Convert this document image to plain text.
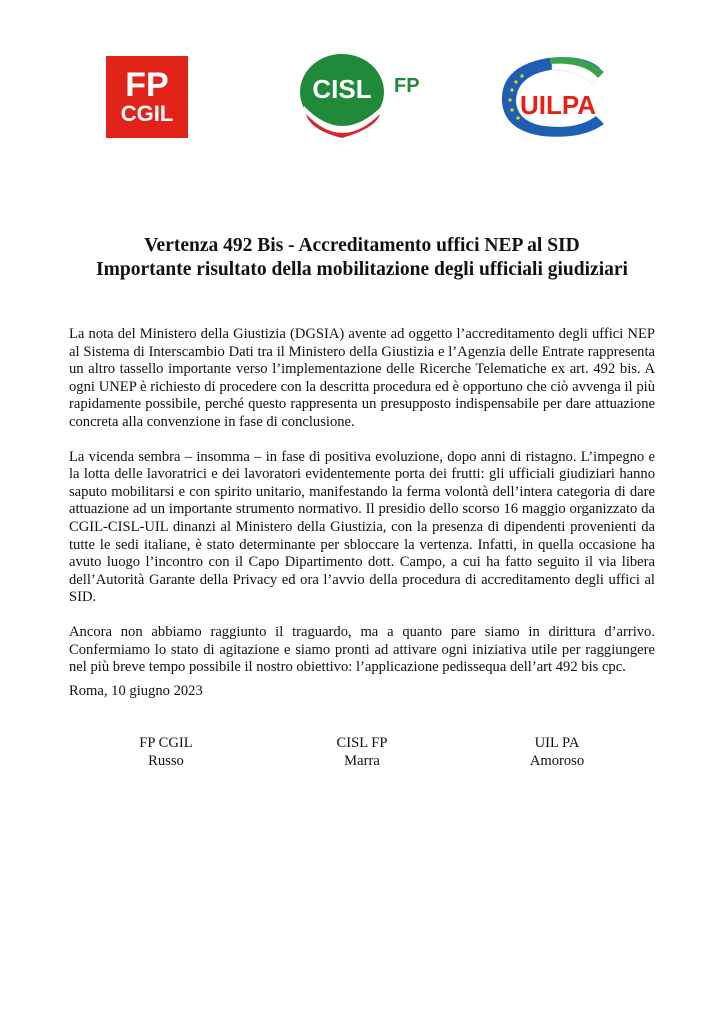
FP
CGIL
CISL FP
UILPA
Vertenza 492 Bis - Accreditamento uffici NEP al SID
Importante risultato della mobilitazione degli ufficiali giudiziari

La nota del Ministero della Giustizia (DGSIA) avente ad oggetto l’accreditamento degli uffici NEP al Sistema di Interscambio Dati tra il Ministero della Giustizia e l’Agenzia delle Entrate rappresenta un altro tassello importante verso l’implementazione delle Ricerche Telematiche ex art. 492 bis. A ogni UNEP è richiesto di procedere con la descritta procedura ed è opportuno che ciò avvenga il più rapidamente possibile, perché questo rappresenta un presupposto indispensabile per dare attuazione concreta alla convenzione in fase di conclusione.

La vicenda sembra – insomma – in fase di positiva evoluzione, dopo anni di ristagno. L’impegno e la lotta delle lavoratrici e dei lavoratori evidentemente porta dei frutti: gli ufficiali giudiziari hanno saputo mobilitarsi e con spirito unitario, manifestando la ferma volontà dell’intera categoria di dare attuazione ad un importante strumento normativo. Il presidio dello scorso 16 maggio organizzato da CGIL-CISL-UIL dinanzi al Ministero della Giustizia, con la presenza di dipendenti provenienti da tutte le sedi italiane, è stato determinante per sbloccare la vertenza. Infatti, in quella occasione ha avuto luogo l’incontro con il Capo Dipartimento dott. Campo, a cui ha fatto seguito il via libera dell’Autorità Garante della Privacy ed ora l’avvio della procedura di accreditamento degli uffici al SID.

Ancora non abbiamo raggiunto il traguardo, ma a quanto pare siamo in dirittura d’arrivo. Confermiamo lo stato di agitazione e siamo pronti ad attivare ogni iniziativa utile per raggiungere nel più breve tempo possibile il nostro obiettivo: l’applicazione pedissequa dell’art 492 bis cpc.

Roma, 10 giugno 2023
FP CGIL
Russo
CISL FP
Marra
UIL PA
Amoroso
